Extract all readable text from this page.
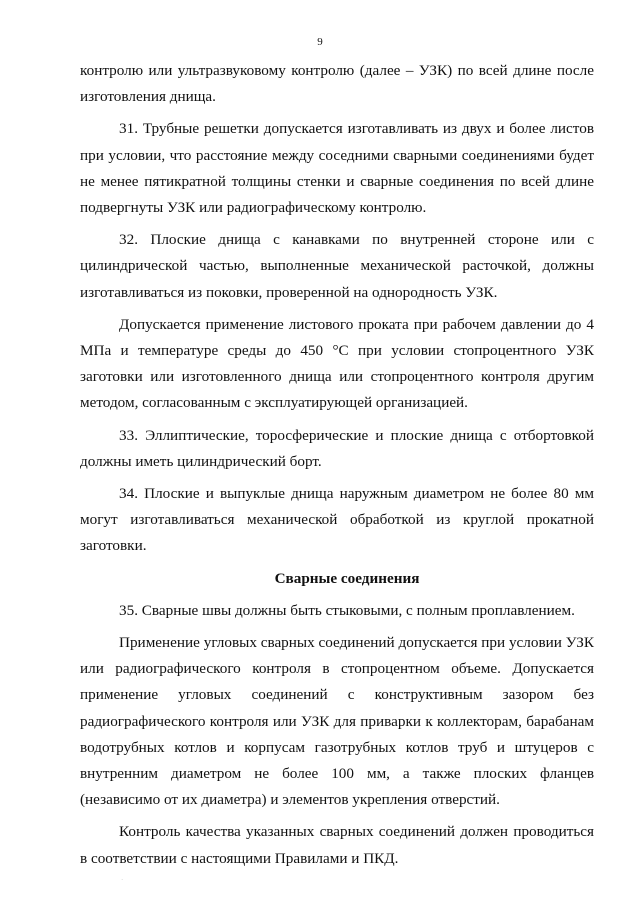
9

контролю или ультразвуковому контролю (далее – УЗК) по всей длине после изготовления днища.

31. Трубные решетки допускается изготавливать из двух и более листов при условии, что расстояние между соседними сварными соединениями будет не менее пятикратной толщины стенки и сварные соединения по всей длине подвергнуты УЗК или радиографическому контролю.

32. Плоские днища с канавками по внутренней стороне или с цилиндрической частью, выполненные механической расточкой, должны изготавливаться из поковки, проверенной на однородность УЗК.

Допускается применение листового проката при рабочем давлении до 4 МПа и температуре среды до 450 °С при условии стопроцентного УЗК заготовки или изготовленного днища или стопроцентного контроля другим методом, согласованным с эксплуатирующей организацией.

33. Эллиптические, торосферические и плоские днища с отбортовкой должны иметь цилиндрический борт.

34. Плоские и выпуклые днища наружным диаметром не более 80 мм могут изготавливаться механической обработкой из круглой прокатной заготовки.

Сварные соединения

35. Сварные швы должны быть стыковыми, с полным проплавлением.

Применение угловых сварных соединений допускается при условии УЗК или радиографического контроля в стопроцентном объеме. Допускается применение угловых соединений с конструктивным зазором без радиографического контроля или УЗК для приварки к коллекторам, барабанам водотрубных котлов и корпусам газотрубных котлов труб и штуцеров с внутренним диаметром не более 100 мм, а также плоских фланцев (независимо от их диаметра) и элементов укрепления отверстий.

Контроль качества указанных сварных соединений должен проводиться в соответствии с настоящими Правилами и ПКД.

·
